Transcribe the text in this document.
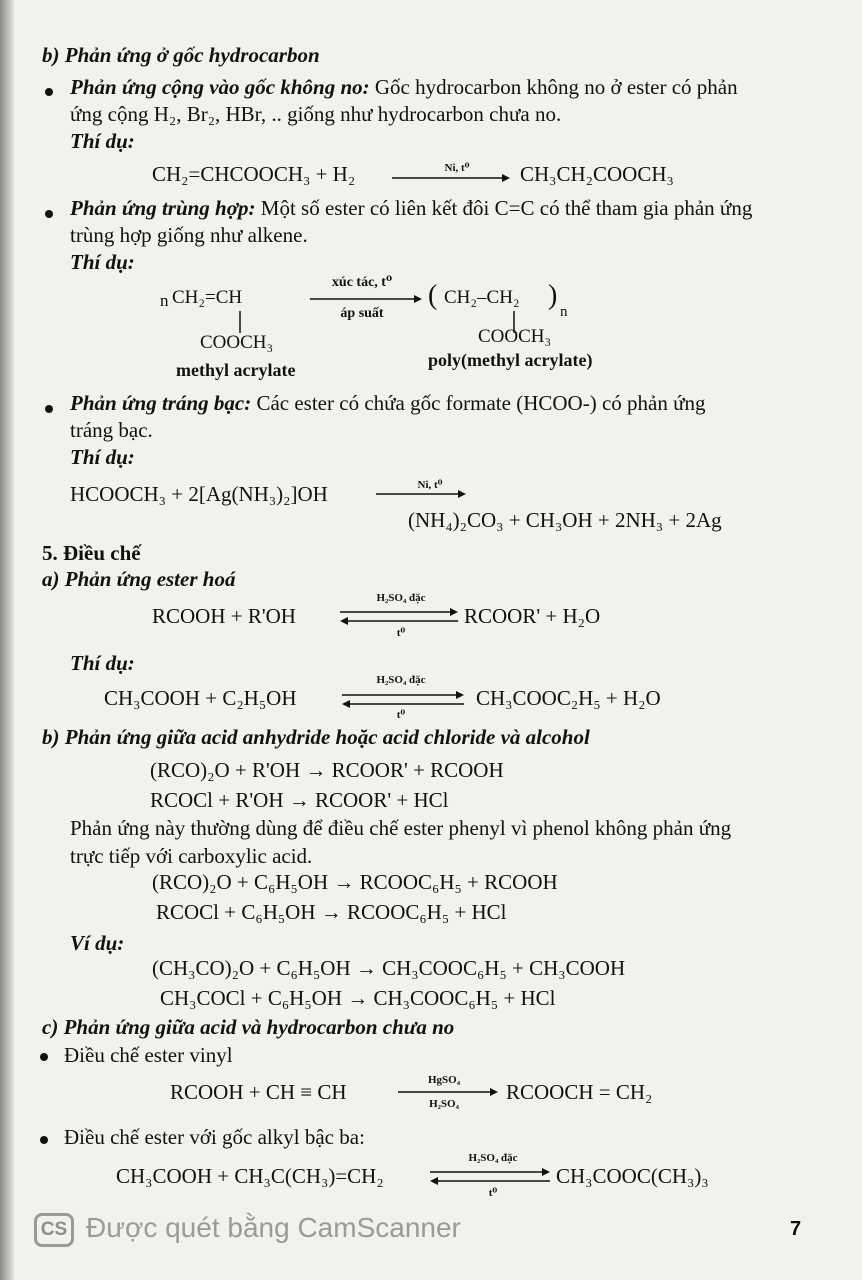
b) Phản ứng ở gốc hydrocarbon
Phản ứng cộng vào gốc không no: Gốc hydrocarbon không no ở ester có phản
ứng cộng H₂, Br₂, HBr, .. giống như hydrocarbon chưa no.
Thí dụ:
CH₂=CHCOOCH₃ + H₂	Ni, t⁰	CH₃CH₂COOCH₃
Phản ứng trùng hợp: Một số ester có liên kết đôi C=C có thể tham gia phản ứng
trùng hợp giống như alkene.
Thí dụ:
n CH₂=CH
COOCH₃
xúc tác, t⁰
áp suất
( CH₂–CH₂ )
n
COOCH₃
methyl acrylate	poly(methyl acrylate)
Phản ứng tráng bạc: Các ester có chứa gốc formate (HCOO-) có phản ứng
tráng bạc.
Thí dụ:
HCOOCH₃ + 2[Ag(NH₃)₂]OH	Ni, t⁰
(NH₄)₂CO₃ + CH₃OH + 2NH₃ + 2Ag
5. Điều chế
a) Phản ứng ester hoá
RCOOH + R'OH
H₂SO₄ đặc
t⁰
RCOOR' + H₂O
Thí dụ:
CH₃COOH + C₂H₅OH
H₂SO₄ đặc
t⁰
CH₃COOC₂H₅ + H₂O
b) Phản ứng giữa acid anhydride hoặc acid chloride và alcohol
(RCO)₂O + R'OH → RCOOR' + RCOOH
RCOCl + R'OH → RCOOR' + HCl
Phản ứng này thường dùng để điều chế ester phenyl vì phenol không phản ứng
trực tiếp với carboxylic acid.
(RCO)₂O + C₆H₅OH → RCOOC₆H₅ + RCOOH
RCOCl + C₆H₅OH → RCOOC₆H₅ + HCl
Ví dụ:
(CH₃CO)₂O + C₆H₅OH → CH₃COOC₆H₅ + CH₃COOH
CH₃COCl + C₆H₅OH → CH₃COOC₆H₅ + HCl
c) Phản ứng giữa acid và hydrocarbon chưa no
Điều chế ester vinyl
RCOOH + CH ≡ CH	HgSO₄
H₂SO₄	RCOOCH = CH₂
Điều chế ester với gốc alkyl bậc ba:
CH₃COOH + CH₃C(CH₃)=CH₂
H₂SO₄ đặc
t⁰
CH₃COOC(CH₃)₃
CS Được quét bằng CamScanner	7
